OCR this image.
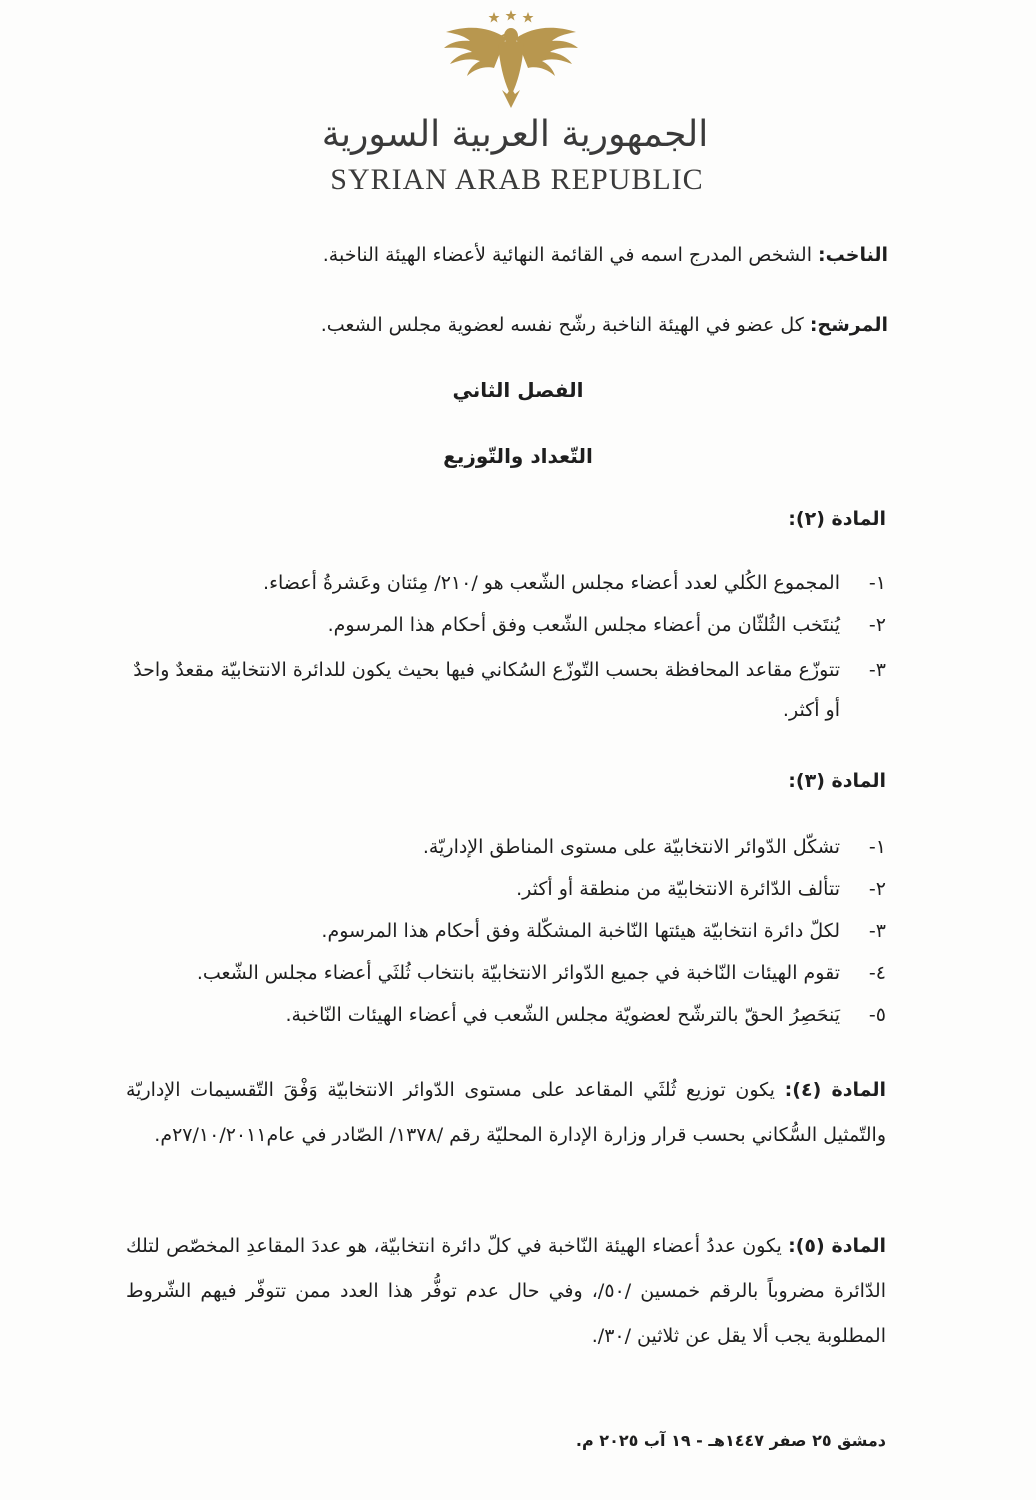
الجمهورية العربية السورية
SYRIAN ARAB REPUBLIC
الناخب: الشخص المدرج اسمه في القائمة النهائية لأعضاء الهيئة الناخبة.
المرشح: كل عضو في الهيئة الناخبة رشّح نفسه لعضوية مجلس الشعب.
الفصل الثاني
التّعداد والتّوزيع
المادة (٢):
١-
المجموع الكُلي لعدد أعضاء مجلس الشّعب هو /٢١٠/ مِئتان وعَشرةُ أعضاء.
٢-
يُنتَخب الثُلثّان من أعضاء مجلس الشّعب وفق أحكام هذا المرسوم.
٣-
تتوزّع مقاعد المحافظة بحسب التّوزّع السُكاني فيها بحيث يكون للدائرة الانتخابيّة مقعدٌ واحدٌ أو أكثر.
المادة (٣):
١-
تشكّل الدّوائر الانتخابيّة على مستوى المناطق الإداريّة.
٢-
تتألف الدّائرة الانتخابيّة من منطقة أو أكثر.
٣-
لكلّ دائرة انتخابيّة هيئتها النّاخبة المشكّلة وفق أحكام هذا المرسوم.
٤-
تقوم الهيئات النّاخبة في جميع الدّوائر الانتخابيّة بانتخاب ثُلثَي أعضاء مجلس الشّعب.
٥-
يَنحَصِرُ الحقّ بالترشّح لعضويّة مجلس الشّعب في أعضاء الهيئات النّاخبة.
المادة (٤): يكون توزيع ثُلثَي المقاعد على مستوى الدّوائر الانتخابيّة وَفْقَ التّقسيمات الإداريّة والتّمثيل السُّكاني بحسب قرار وزارة الإدارة المحليّة رقم /١٣٧٨/ الصّادر في عام٢٧/١٠/٢٠١١م.
المادة (٥): يكون عددُ أعضاء الهيئة النّاخبة في كلّ دائرة انتخابيّة، هو عددَ المقاعدِ المخصّص لتلك الدّائرة مضروباً بالرقم خمسين /٥٠/، وفي حال عدم توفُّر هذا العدد ممن تتوفّر فيهم الشّروط المطلوبة يجب ألا يقل عن ثلاثين /٣٠/.
دمشق ٢٥ صفر ١٤٤٧هـ - ١٩ آب ٢٠٢٥ م.
